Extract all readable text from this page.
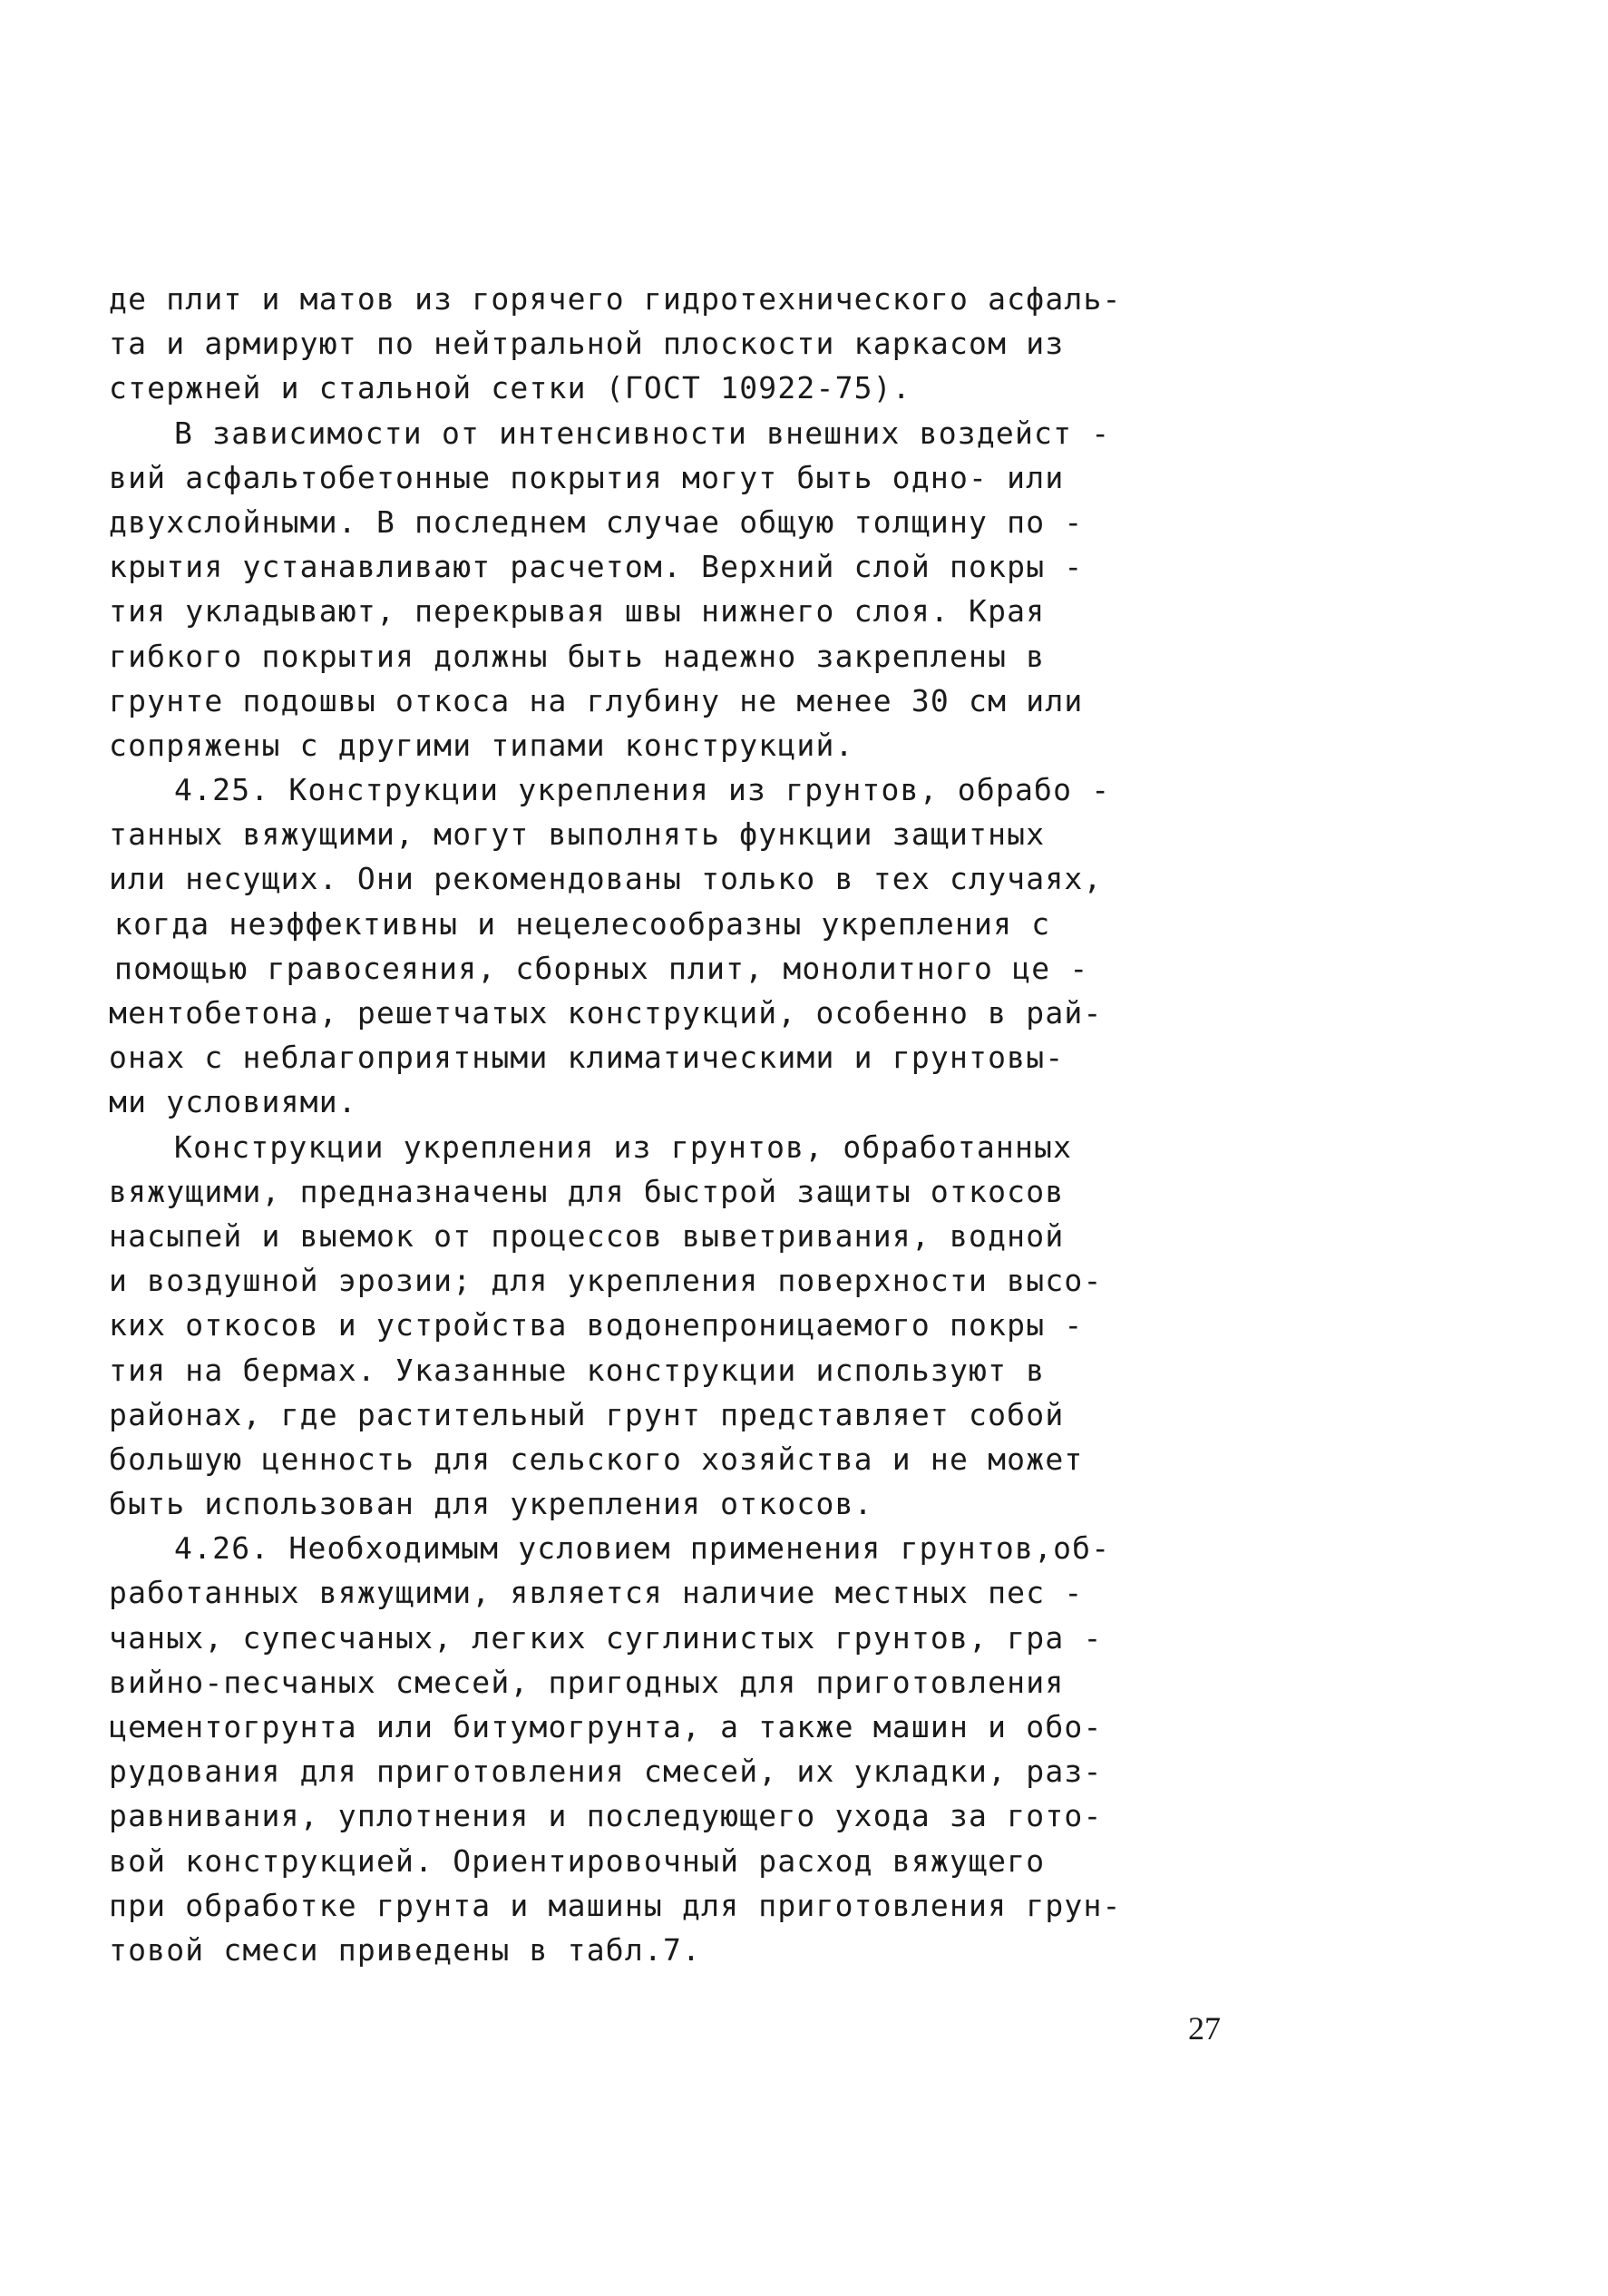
де плит и матов из горячего гидротехнического асфаль-
та и армируют по нейтральной плоскости каркасом из
стержней и стальной сетки (ГОСТ 10922-75).
В зависимости от интенсивности внешних воздейст -
вий асфальтобетонные покрытия могут быть одно- или
двухслойными. В последнем случае общую толщину по -
крытия устанавливают расчетом. Верхний слой покры -
тия укладывают, перекрывая швы нижнего слоя. Края
гибкого покрытия должны быть надежно закреплены в
грунте подошвы откоса на глубину не менее 30 см или
сопряжены с другими типами конструкций.
4.25. Конструкции укрепления из грунтов, обрабо -
танных вяжущими, могут выполнять функции защитных
или несущих. Они рекомендованы только в тех случаях,
когда неэффективны и нецелесообразны укрепления с
помощью гравосеяния, сборных плит, монолитного це -
ментобетона, решетчатых конструкций, особенно в рай-
онах с неблагоприятными климатическими и грунтовы-
ми условиями.
Конструкции укрепления из грунтов, обработанных
вяжущими, предназначены для быстрой защиты откосов
насыпей и выемок от процессов выветривания, водной
и воздушной эрозии; для укрепления поверхности высо-
ких откосов и устройства водонепроницаемого покры -
тия на бермах. Указанные конструкции используют в
районах, где растительный грунт представляет собой
большую ценность для сельского хозяйства и не может
быть использован для укрепления откосов.
4.26. Необходимым условием применения грунтов,об-
работанных вяжущими, является наличие местных пес -
чаных, супесчаных, легких суглинистых грунтов, гра -
вийно-песчаных смесей, пригодных для приготовления
цементогрунта или битумогрунта, а также машин и обо-
рудования для приготовления смесей, их укладки, раз-
равнивания, уплотнения и последующего ухода за гото-
вой конструкцией. Ориентировочный расход вяжущего
при обработке грунта и машины для приготовления грун-
товой смеси приведены в табл.7.
27
